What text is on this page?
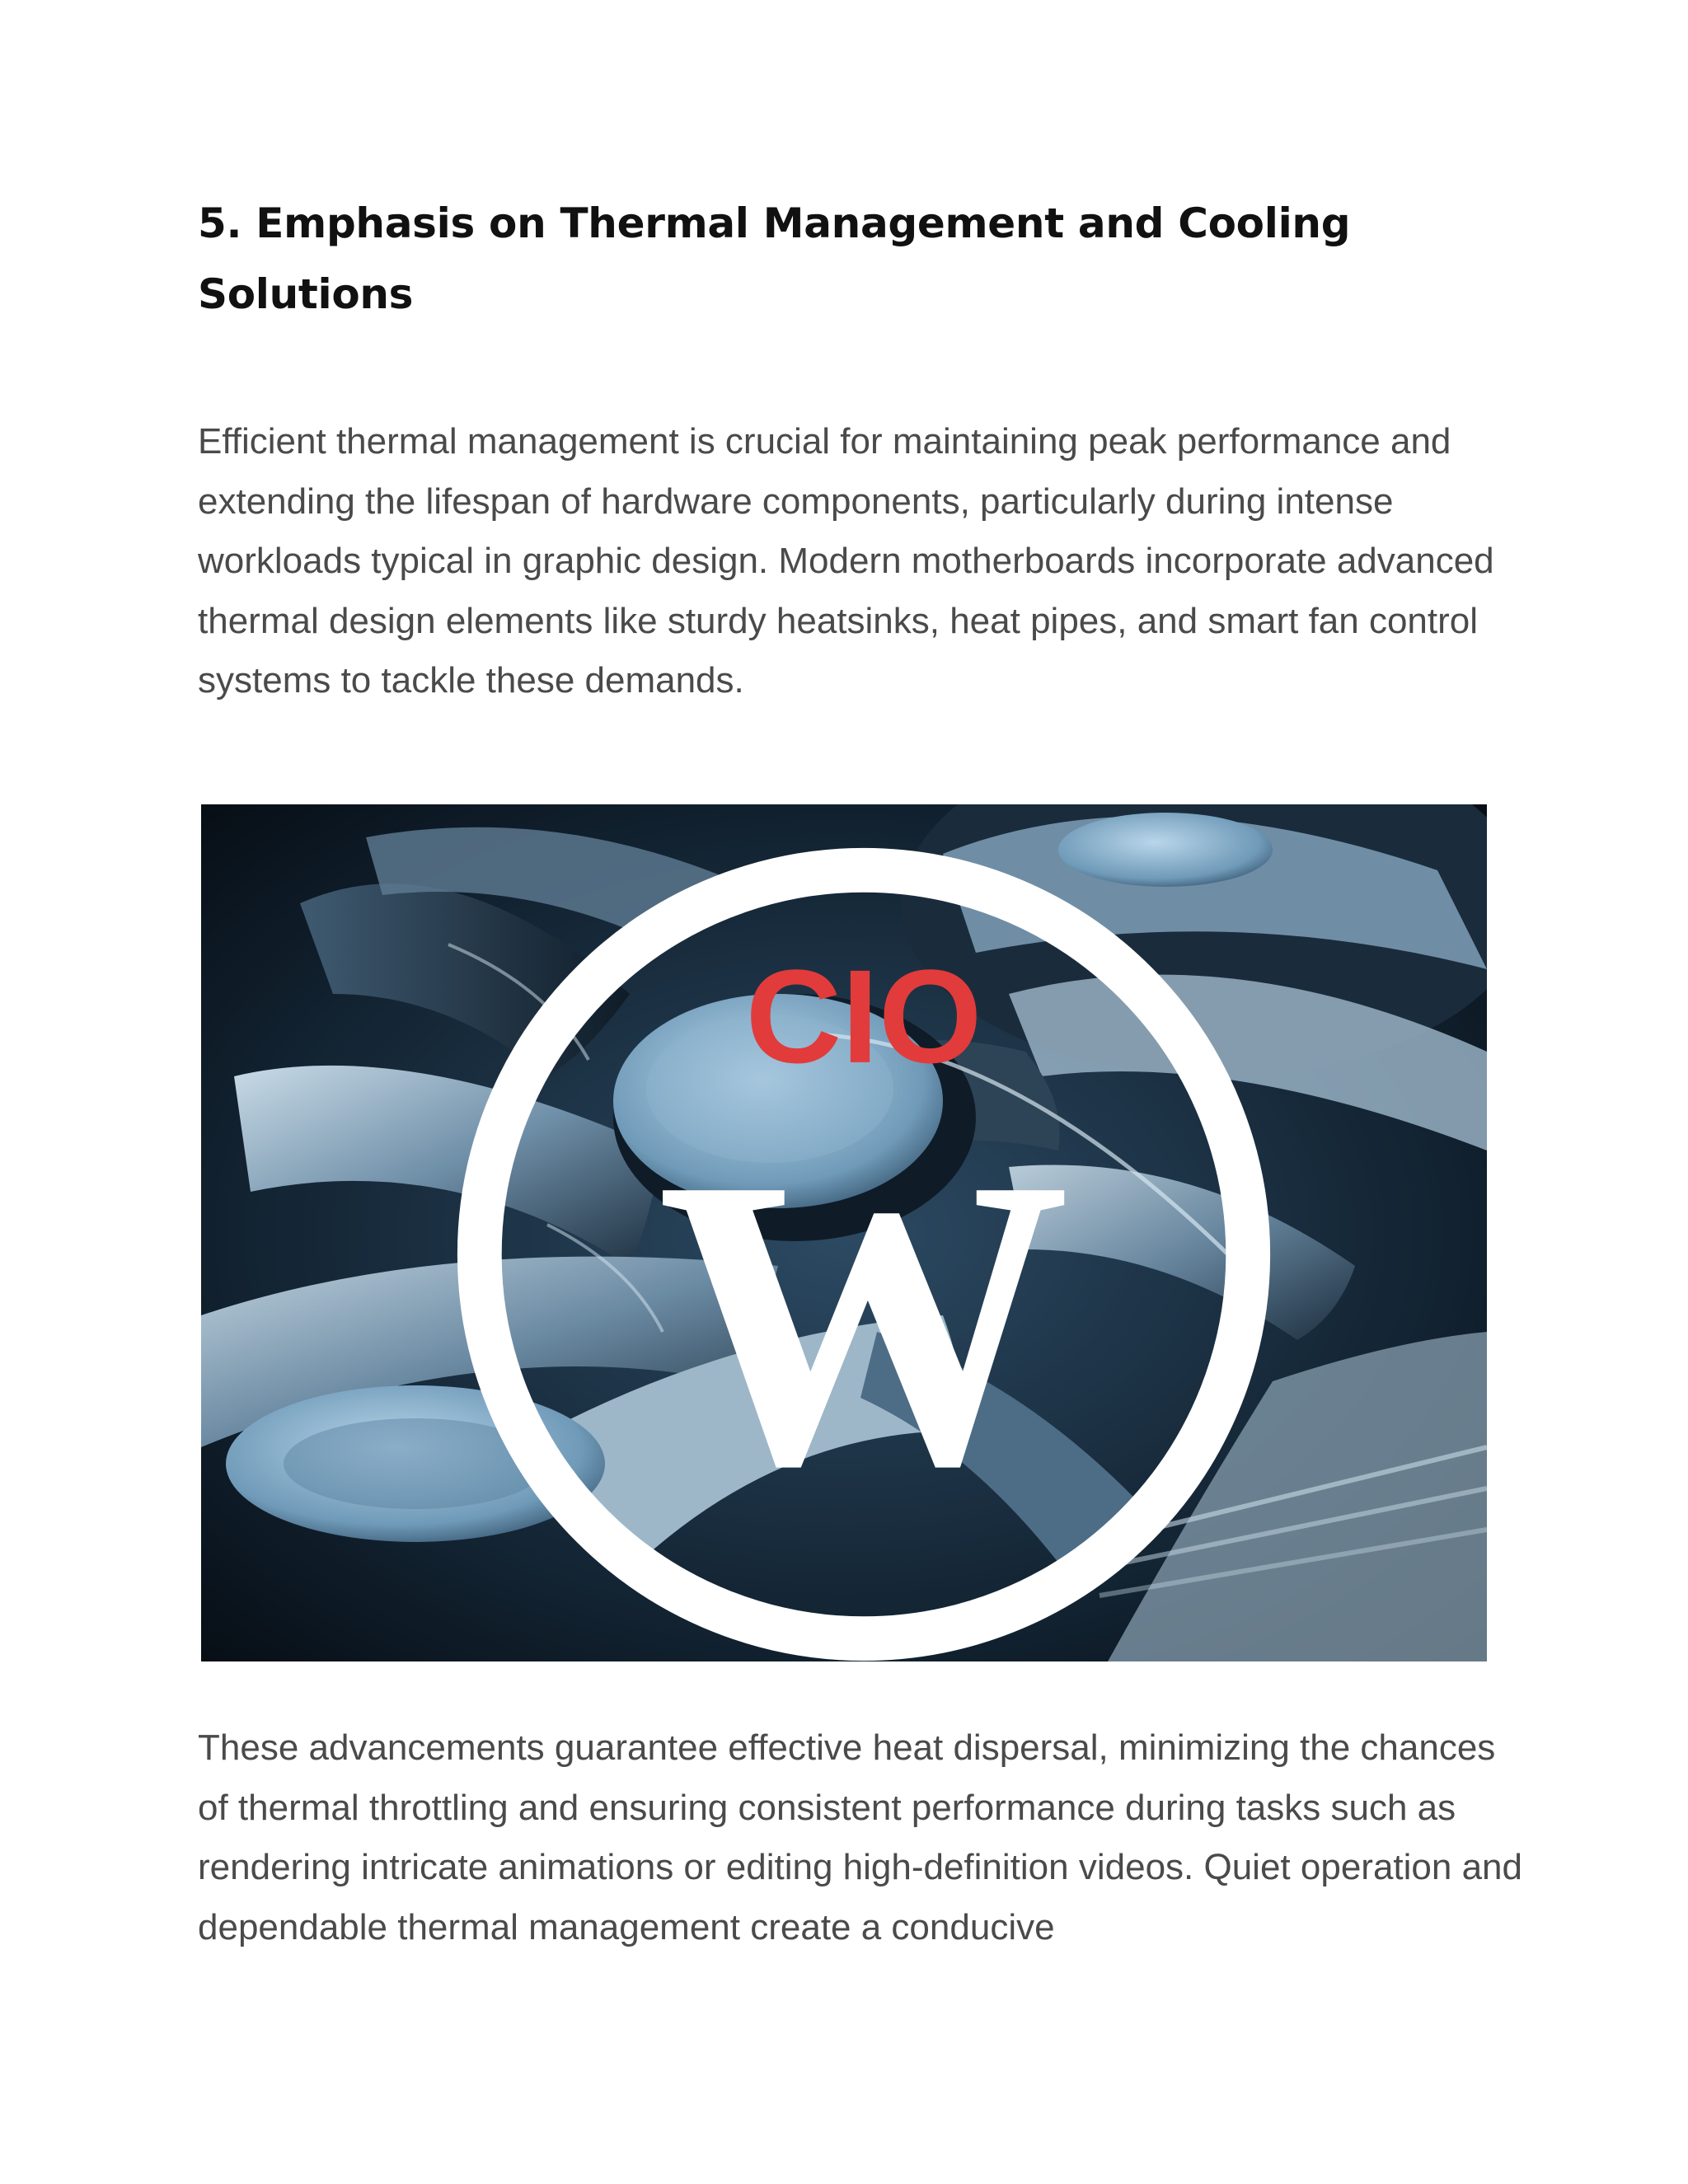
5. Emphasis on Thermal Management and Cooling
Solutions

Efficient thermal management is crucial for maintaining peak performance and extending the lifespan of hardware components, particularly during intense workloads typical in graphic design. Modern motherboards incorporate advanced thermal design elements like sturdy heatsinks, heat pipes, and smart fan control systems to tackle these demands.

CIO
W

These advancements guarantee effective heat dispersal, minimizing the chances of thermal throttling and ensuring consistent performance during tasks such as rendering intricate animations or editing high-definition videos. Quiet operation and dependable thermal management create a conducive
